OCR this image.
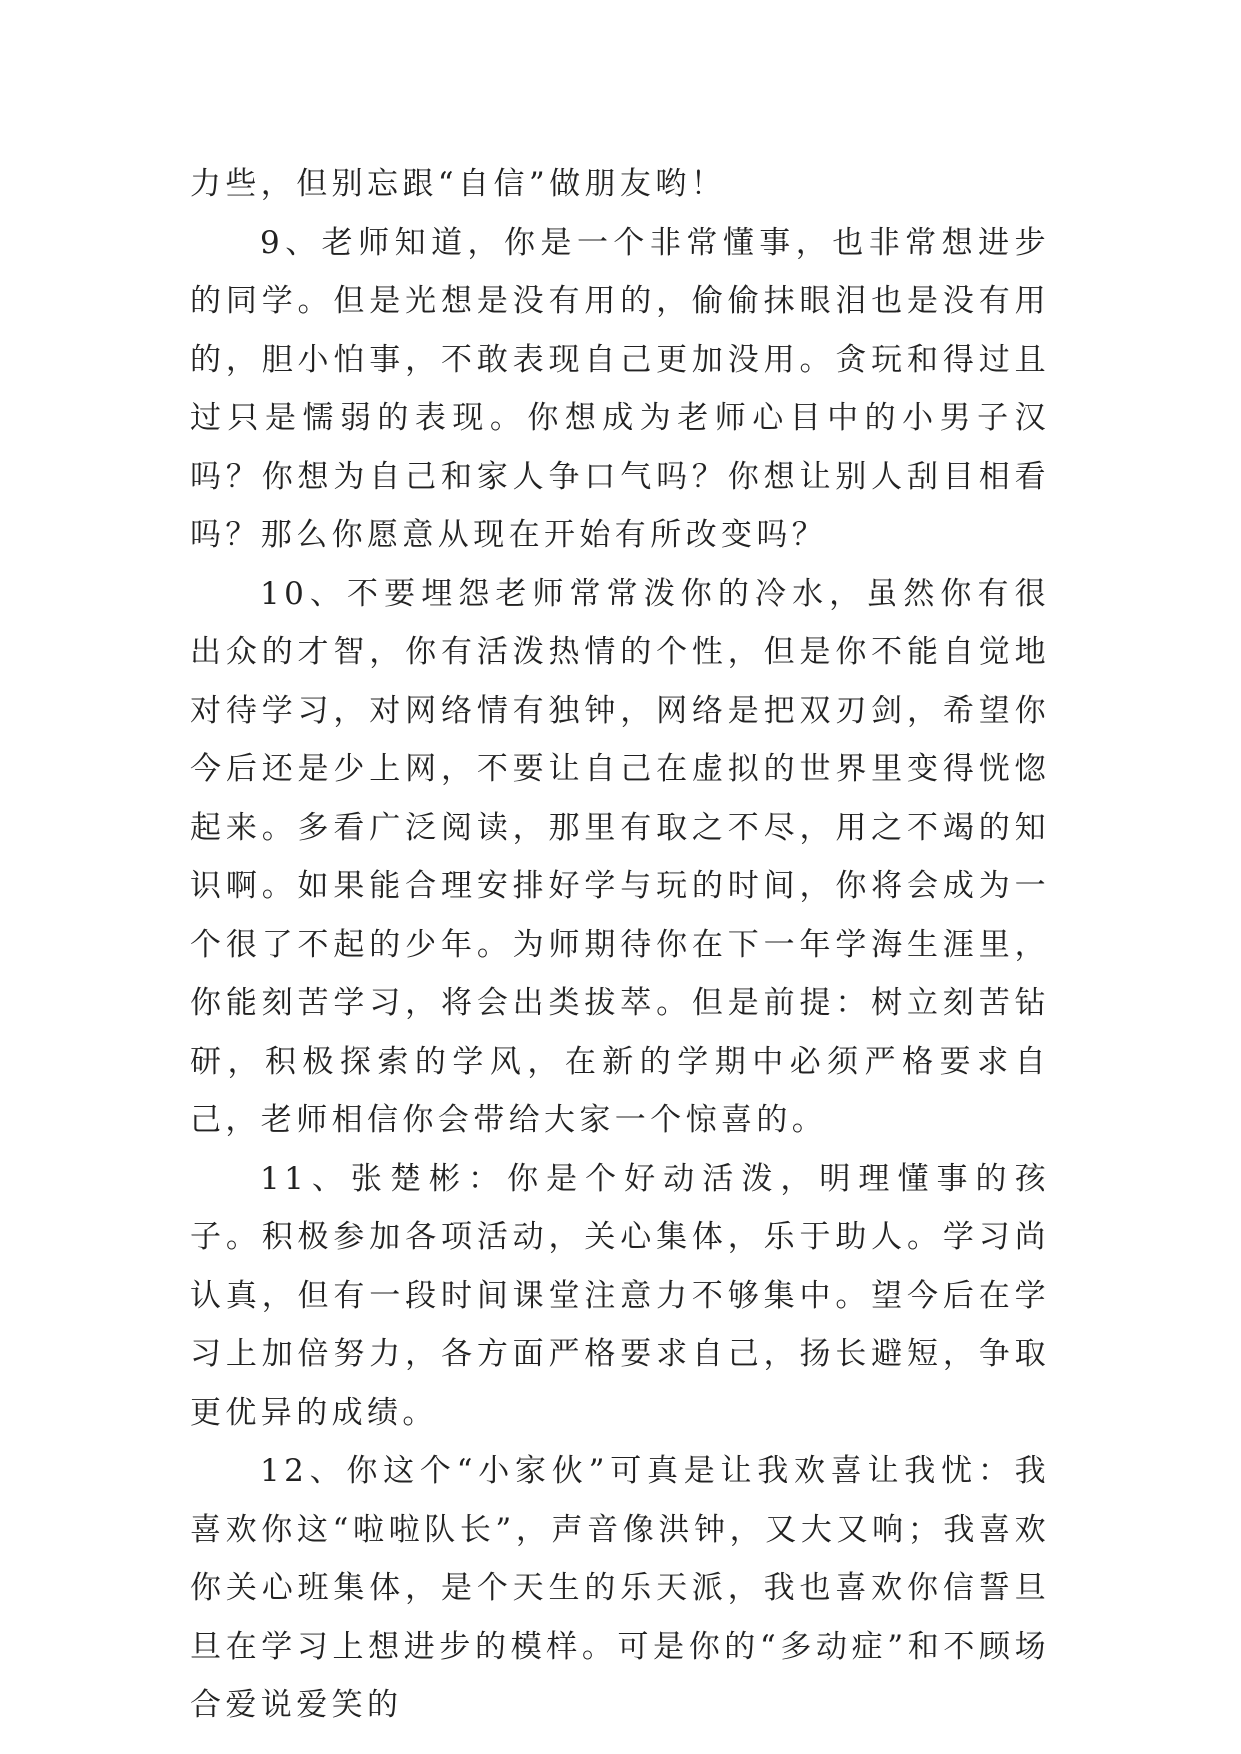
力些，但别忘跟“自信”做朋友哟！

9、老师知道，你是一个非常懂事，也非常想进步的同学。但是光想是没有用的，偷偷抹眼泪也是没有用的，胆小怕事，不敢表现自己更加没用。贪玩和得过且过只是懦弱的表现。你想成为老师心目中的小男子汉吗？你想为自己和家人争口气吗？你想让别人刮目相看吗？那么你愿意从现在开始有所改变吗？

10、不要埋怨老师常常泼你的冷水，虽然你有很出众的才智，你有活泼热情的个性，但是你不能自觉地对待学习，对网络情有独钟，网络是把双刃剑，希望你今后还是少上网，不要让自己在虚拟的世界里变得恍惚起来。多看广泛阅读，那里有取之不尽，用之不竭的知识啊。如果能合理安排好学与玩的时间，你将会成为一个很了不起的少年。为师期待你在下一年学海生涯里，你能刻苦学习，将会出类拔萃。但是前提：树立刻苦钻研，积极探索的学风，在新的学期中必须严格要求自己，老师相信你会带给大家一个惊喜的。

11、张楚彬：你是个好动活泼，明理懂事的孩子。积极参加各项活动，关心集体，乐于助人。学习尚认真，但有一段时间课堂注意力不够集中。望今后在学习上加倍努力，各方面严格要求自己，扬长避短，争取更优异的成绩。

12、你这个“小家伙”可真是让我欢喜让我忧：我喜欢你这“啦啦队长”，声音像洪钟，又大又响；我喜欢你关心班集体，是个天生的乐天派，我也喜欢你信誓旦旦在学习上想进步的模样。可是你的“多动症”和不顾场合爱说爱笑的
